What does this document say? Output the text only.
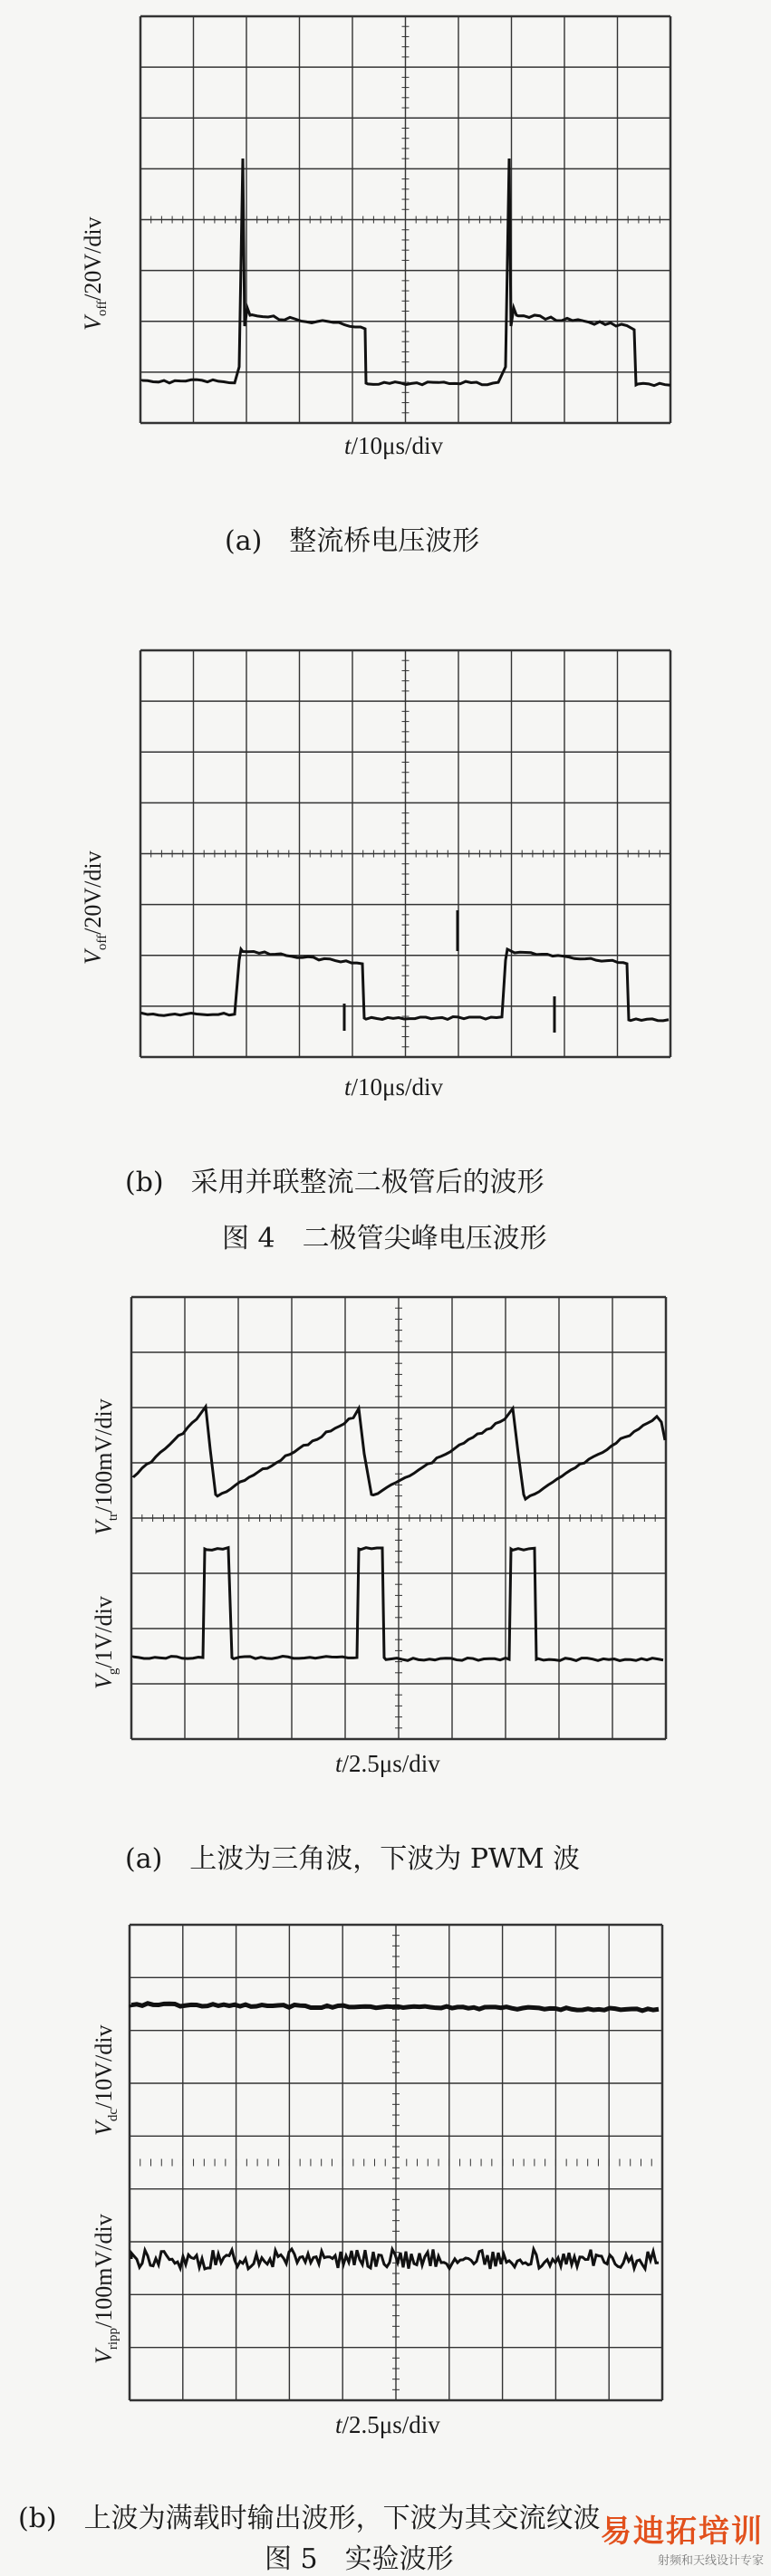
$V_{off}/20V$/div
t/10μs/div
(a)　整流桥电压波形
$V_{off}/20V$/div
t/10μs/div
(b)　采用并联整流二极管后的波形
图 4　二极管尖峰电压波形
$V_{tr}/100mV$/div
$V_g/1V$/div
t/2.5μs/div
(a)　上波为三角波，下波为 PWM 波
$V_{dc}/10V$/div
$V_{ripp}/100mV$/div
t/2.5μs/div
(b)　上波为满载时输出波形，下波为其交流纹波
图 5　实验波形
易迪拓培训
射频和天线设计专家
